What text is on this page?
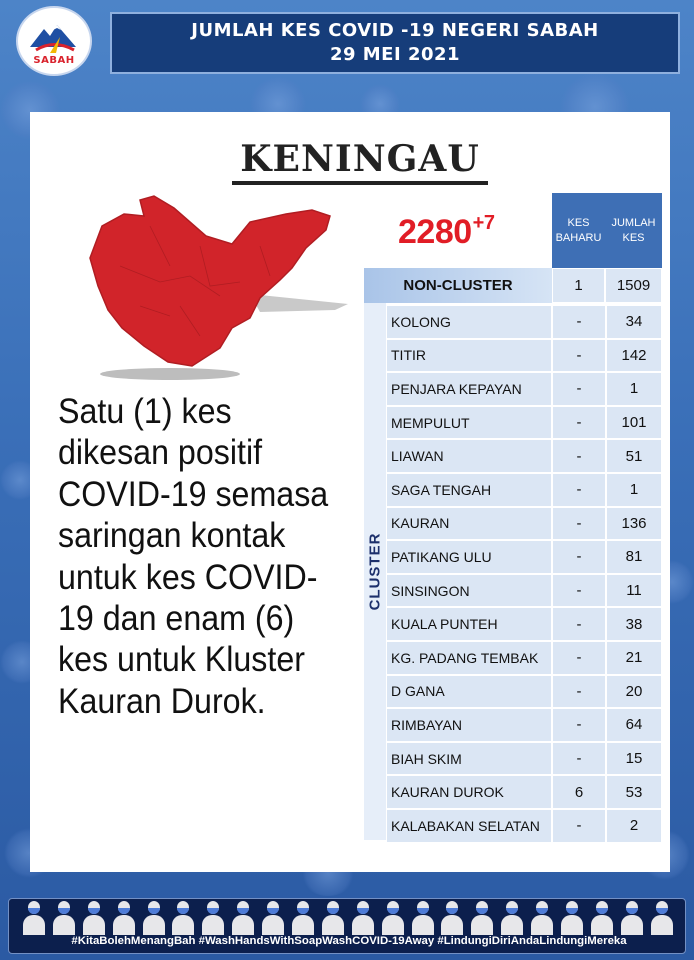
SABAH
JUMLAH KES COVID -19 NEGERI SABAH
29 MEI 2021
KENINGAU
$2280^{+7}$
Satu (1) kes dikesan positif COVID-19 semasa saringan kontak untuk kes COVID-19 dan enam (6) kes untuk Kluster Kauran Durok.
KES
BAHARU
JUMLAH
KES
NON-CLUSTER	1	1509
CLUSTER
KOLONG	-	34
TITIR	-	142
PENJARA KEPAYAN	-	1
MEMPULUT	-	101
LIAWAN	-	51
SAGA TENGAH	-	1
KAURAN	-	136
PATIKANG ULU	-	81
SINSINGON	-	11
KUALA PUNTEH	-	38
KG. PADANG TEMBAK	-	21
D GANA	-	20
RIMBAYAN	-	64
BIAH SKIM	-	15
KAURAN DUROK	6	53
KALABAKAN SELATAN	-	2
#KitaBolehMenangBah #WashHandsWithSoapWashCOVID-19Away #LindungiDiriAndaLindungiMereka
